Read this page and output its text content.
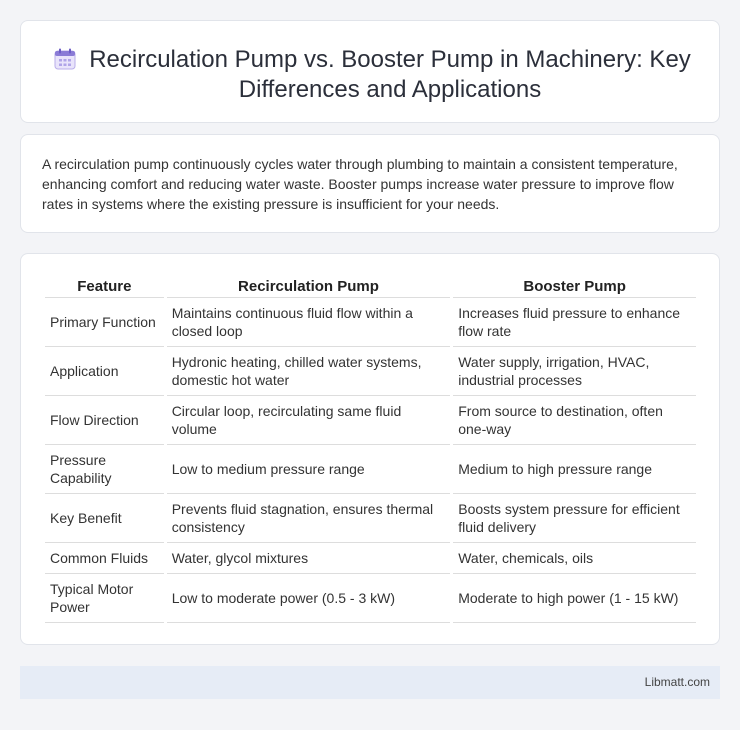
Recirculation Pump vs. Booster Pump in Machinery: Key Differences and Applications

A recirculation pump continuously cycles water through plumbing to maintain a consistent temperature, enhancing comfort and reducing water waste. Booster pumps increase water pressure to improve flow rates in systems where the existing pressure is insufficient for your needs.

Feature	Recirculation Pump	Booster Pump
Primary Function	Maintains continuous fluid flow within a closed loop	Increases fluid pressure to enhance flow rate
Application	Hydronic heating, chilled water systems, domestic hot water	Water supply, irrigation, HVAC, industrial processes
Flow Direction	Circular loop, recirculating same fluid volume	From source to destination, often one-way
Pressure Capability	Low to medium pressure range	Medium to high pressure range
Key Benefit	Prevents fluid stagnation, ensures thermal consistency	Boosts system pressure for efficient fluid delivery
Common Fluids	Water, glycol mixtures	Water, chemicals, oils
Typical Motor Power	Low to moderate power (0.5 - 3 kW)	Moderate to high power (1 - 15 kW)
Libmatt.com
